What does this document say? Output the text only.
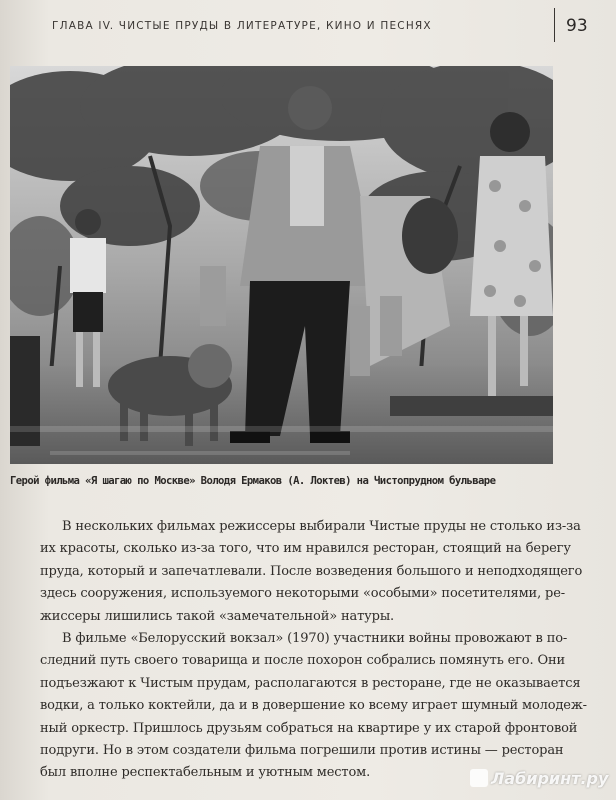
ГЛАВА IV. ЧИСТЫЕ ПРУДЫ В ЛИТЕРАТУРЕ, КИНО И ПЕСНЯХ	93
Герой фильма «Я шагаю по Москве» Володя Ермаков (А. Локтев) на Чистопрудном бульваре

В нескольких фильмах режиссеры выбирали Чистые пруды не столько из-за
их красоты, сколько из-за того, что им нравился ресторан, стоящий на берегу
пруда, который и запечатлевали. После возведения большого и неподходящего
здесь сооружения, используемого некоторыми «особыми» посетителями, ре-
жиссеры лишились такой «замечательной» натуры.

В фильме «Белорусский вокзал» (1970) участники войны провожают в по-
следний путь своего товарища и после похорон собрались помянуть его. Они
подъезжают к Чистым прудам, располагаются в ресторане, где не оказывается
водки, а только коктейли, да и в довершение ко всему играет шумный молодеж-
ный оркестр. Пришлось друзьям собраться на квартире у их старой фронтовой
подруги. Но в этом создатели фильма погрешили против истины — ресторан
был вполне респектабельным и уютным местом.	Лабиринт.ру
